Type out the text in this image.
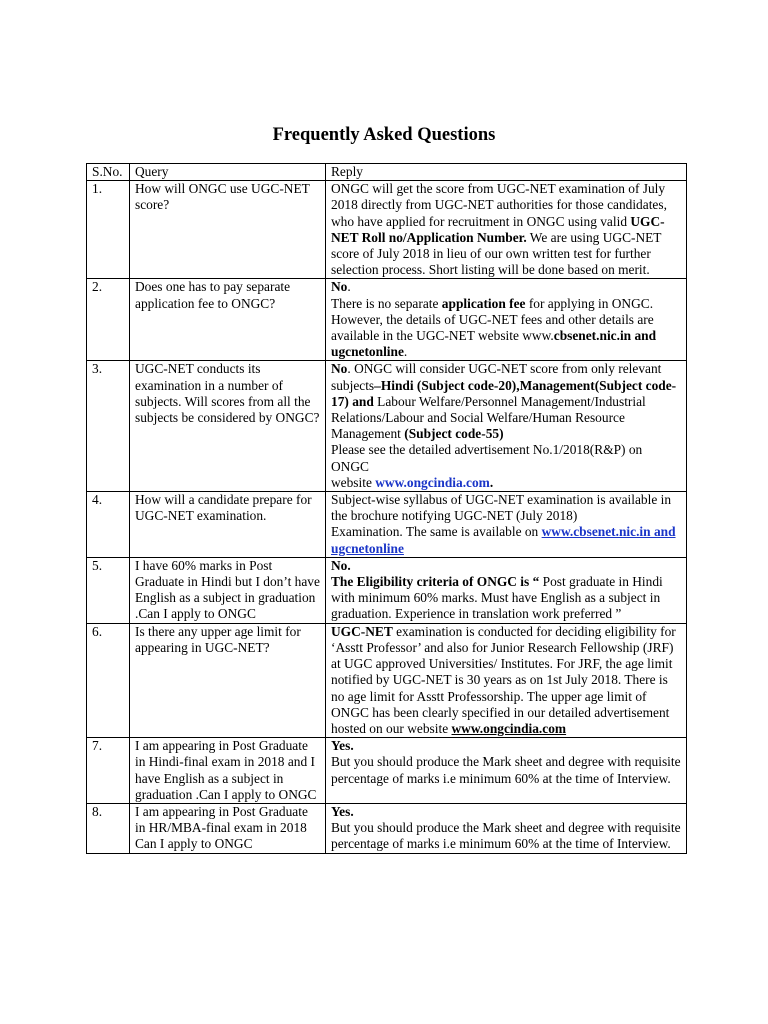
Frequently Asked Questions
S.No.	Query	Reply
1.	How will ONGC use UGC-NET score?	ONGC will get the score from UGC-NET examination of July 2018 directly from UGC-NET authorities for those candidates, who have applied for recruitment in ONGC using valid UGC-NET Roll no/Application Number. We are using UGC-NET score of July 2018 in lieu of our own written test for further selection process. Short listing will be done based on merit.
2.	Does one has to pay separate application fee to ONGC?	No.
There is no separate application fee for applying in ONGC. However, the details of UGC-NET fees and other details are available in the UGC-NET website www.cbsenet.nic.in and ugcnetonline.
3.	UGC-NET conducts its examination in a number of subjects. Will scores from all the subjects be considered by ONGC?	No. ONGC will consider UGC-NET score from only relevant subjects–Hindi (Subject code-20),Management(Subject code-17) and Labour Welfare/Personnel Management/Industrial Relations/Labour and Social Welfare/Human Resource Management (Subject code-55)
Please see the detailed advertisement No.1/2018(R&P) on ONGC
website www.ongcindia.com.
4.	How will a candidate prepare for UGC-NET examination.	Subject-wise syllabus of UGC-NET examination is available in the brochure notifying UGC-NET (July 2018)
Examination. The same is available on www.cbsenet.nic.in and ugcnetonline
5.	I have 60% marks in Post Graduate in Hindi but I don’t have English as a subject in graduation .Can I apply to ONGC	No.
The Eligibility criteria of ONGC is “ Post graduate in Hindi with minimum 60% marks. Must have English as a subject in graduation. Experience in translation work preferred ”
6.	Is there any upper age limit for appearing in UGC-NET?	UGC-NET examination is conducted for deciding eligibility for ‘Asstt Professor’ and also for Junior Research Fellowship (JRF) at UGC approved Universities/ Institutes. For JRF, the age limit notified by UGC-NET is 30 years as on 1st July 2018. There is no age limit for Asstt Professorship. The upper age limit of ONGC has been clearly specified in our detailed advertisement hosted on our website www.ongcindia.com
7.	I am appearing in Post Graduate in Hindi-final exam in 2018 and I have English as a subject in graduation .Can I apply to ONGC	Yes.
But you should produce the Mark sheet and degree with requisite percentage of marks i.e minimum 60% at the time of Interview.
8.	I am appearing in Post Graduate in HR/MBA-final exam in 2018 Can I apply to ONGC	Yes.
But you should produce the Mark sheet and degree with requisite percentage of marks i.e minimum 60% at the time of Interview.
